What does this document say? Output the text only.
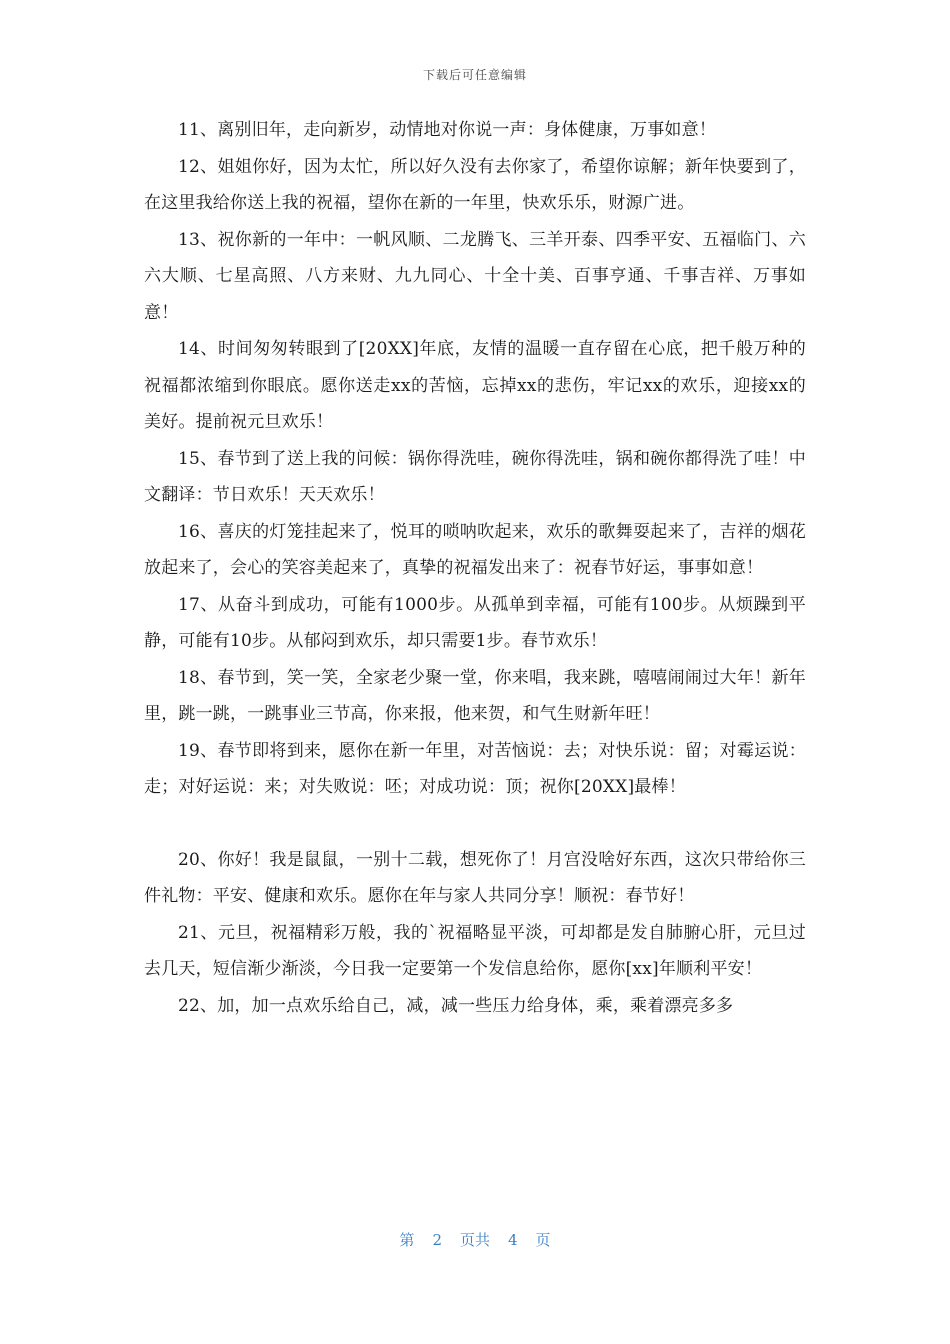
下载后可任意编辑

11、离别旧年，走向新岁，动情地对你说一声：身体健康，万事如意！

12、姐姐你好，因为太忙，所以好久没有去你家了，希望你谅解；新年快要到了，在这里我给你送上我的祝福，望你在新的一年里，快欢乐乐，财源广进。

13、祝你新的一年中：一帆风顺、二龙腾飞、三羊开泰、四季平安、五福临门、六六大顺、七星高照、八方来财、九九同心、十全十美、百事亨通、千事吉祥、万事如意！

14、时间匆匆转眼到了[20XX]年底，友情的温暖一直存留在心底，把千般万种的祝福都浓缩到你眼底。愿你送走xx的苦恼，忘掉xx的悲伤，牢记xx的欢乐，迎接xx的美好。提前祝元旦欢乐！

15、春节到了送上我的问候：锅你得洗哇，碗你得洗哇，锅和碗你都得洗了哇！中文翻译：节日欢乐！天天欢乐！

16、喜庆的灯笼挂起来了，悦耳的唢呐吹起来，欢乐的歌舞耍起来了，吉祥的烟花放起来了，会心的笑容美起来了，真挚的祝福发出来了：祝春节好运，事事如意！

17、从奋斗到成功，可能有1000步。从孤单到幸福，可能有100步。从烦躁到平静，可能有10步。从郁闷到欢乐，却只需要1步。春节欢乐！

18、春节到，笑一笑，全家老少聚一堂，你来唱，我来跳，嘻嘻闹闹过大年！新年里，跳一跳，一跳事业三节高，你来报，他来贺，和气生财新年旺！

19、春节即将到来，愿你在新一年里，对苦恼说：去；对快乐说：留；对霉运说：走；对好运说：来；对失败说：呸；对成功说：顶；祝你[20XX]最棒！

20、你好！我是鼠鼠，一别十二载，想死你了！月宫没啥好东西，这次只带给你三件礼物：平安、健康和欢乐。愿你在年与家人共同分享！顺祝：春节好！

21、元旦，祝福精彩万般，我的`祝福略显平淡，可却都是发自肺腑心肝，元旦过去几天，短信渐少渐淡，今日我一定要第一个发信息给你，愿你[xx]年顺利平安！

22、加，加一点欢乐给自己，减，减一些压力给身体，乘，乘着漂亮多多

第 2 页共 4 页
